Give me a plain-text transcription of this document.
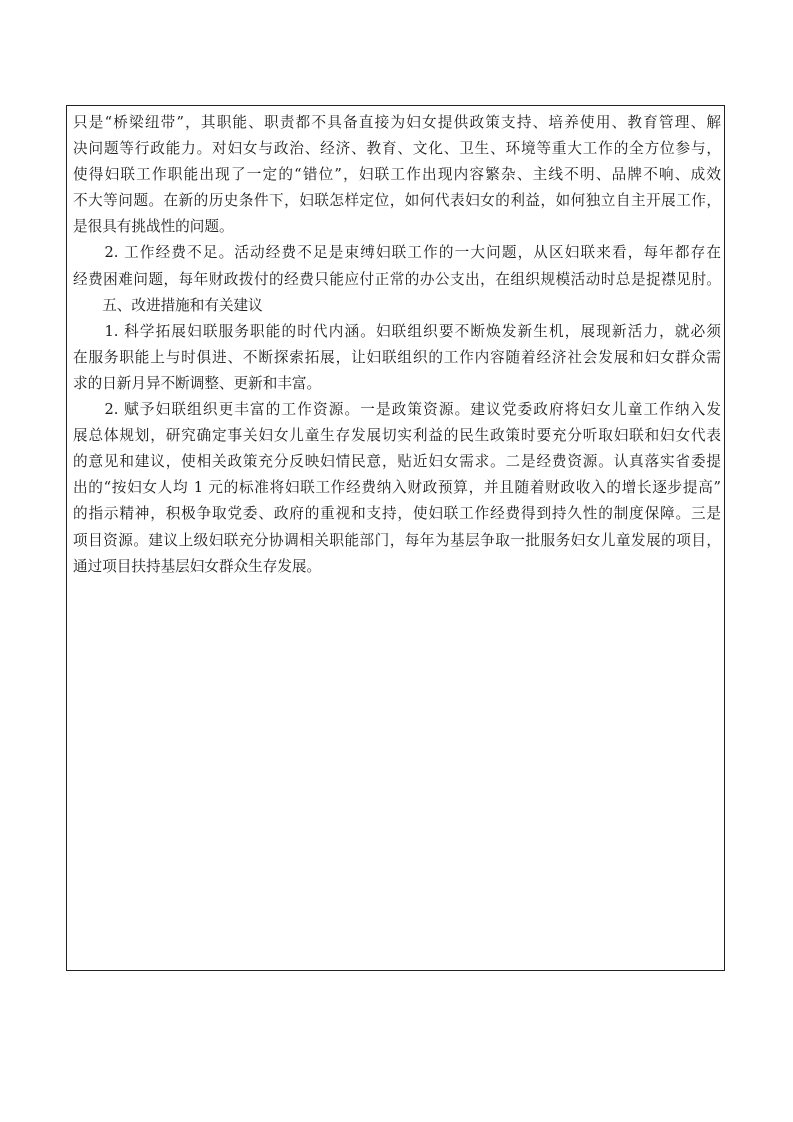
只是“桥梁纽带”，其职能、职责都不具备直接为妇女提供政策支持、培养使用、教育管理、解
决问题等行政能力。对妇女与政治、经济、教育、文化、卫生、环境等重大工作的全方位参与，
使得妇联工作职能出现了一定的“错位”，妇联工作出现内容繁杂、主线不明、品牌不响、成效
不大等问题。在新的历史条件下，妇联怎样定位，如何代表妇女的利益，如何独立自主开展工作，
是很具有挑战性的问题。
　　2. 工作经费不足。活动经费不足是束缚妇联工作的一大问题，从区妇联来看，每年都存在
经费困难问题，每年财政拨付的经费只能应付正常的办公支出，在组织规模活动时总是捉襟见肘。
　　五、改进措施和有关建议
　　1. 科学拓展妇联服务职能的时代内涵。妇联组织要不断焕发新生机，展现新活力，就必须
在服务职能上与时俱进、不断探索拓展，让妇联组织的工作内容随着经济社会发展和妇女群众需
求的日新月异不断调整、更新和丰富。
　　2. 赋予妇联组织更丰富的工作资源。一是政策资源。建议党委政府将妇女儿童工作纳入发
展总体规划，研究确定事关妇女儿童生存发展切实利益的民生政策时要充分听取妇联和妇女代表
的意见和建议，使相关政策充分反映妇情民意，贴近妇女需求。二是经费资源。认真落实省委提
出的“按妇女人均 1 元的标准将妇联工作经费纳入财政预算，并且随着财政收入的增长逐步提高”
的指示精神，积极争取党委、政府的重视和支持，使妇联工作经费得到持久性的制度保障。三是
项目资源。建议上级妇联充分协调相关职能部门，每年为基层争取一批服务妇女儿童发展的项目，
通过项目扶持基层妇女群众生存发展。
